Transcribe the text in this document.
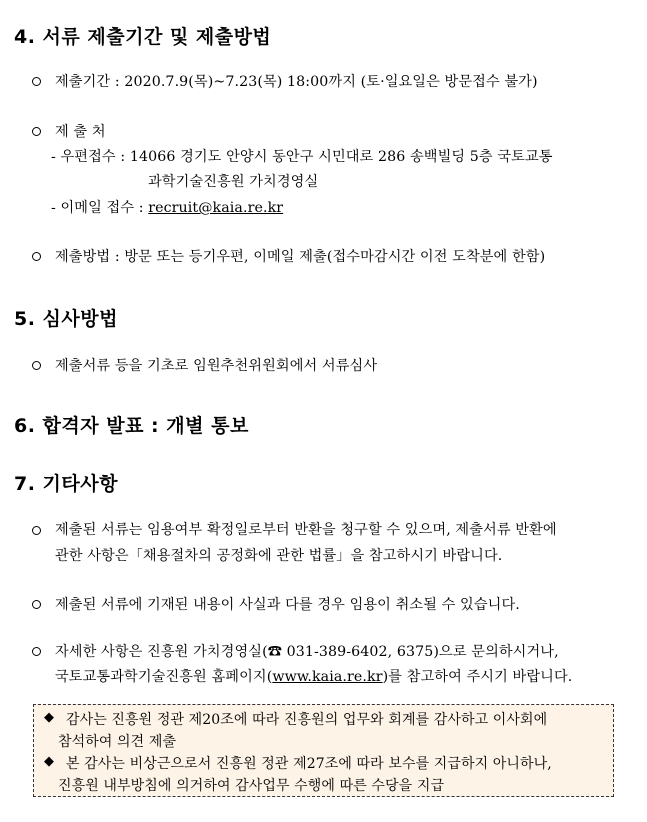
4. 서류 제출기간 및 제출방법
제출기간 : 2020.7.9(목)~7.23(목) 18:00까지 (토·일요일은 방문접수 불가)
제 출 처
- 우편접수 : 14066 경기도 안양시 동안구 시민대로 286 송백빌딩 5층 국토교통
과학기술진흥원 가치경영실
- 이메일 접수 : recruit@kaia.re.kr
제출방법 : 방문 또는 등기우편, 이메일 제출(접수마감시간 이전 도착분에 한함)
5. 심사방법
제출서류 등을 기초로 임원추천위원회에서 서류심사
6. 합격자 발표 : 개별 통보
7. 기타사항
제출된 서류는 임용여부 확정일로부터 반환을 청구할 수 있으며, 제출서류 반환에
관한 사항은「채용절차의 공정화에 관한 법률」을 참고하시기 바랍니다.
제출된 서류에 기재된 내용이 사실과 다를 경우 임용이 취소될 수 있습니다.
자세한 사항은 진흥원 가치경영실(☎ 031-389-6402, 6375)으로 문의하시거나,
국토교통과학기술진흥원 홈페이지(www.kaia.re.kr)를 참고하여 주시기 바랍니다.
◆ 감사는 진흥원 정관 제20조에 따라 진흥원의 업무와 회계를 감사하고 이사회에
참석하여 의견 제출
◆ 본 감사는 비상근으로서 진흥원 정관 제27조에 따라 보수를 지급하지 아니하나,
진흥원 내부방침에 의거하여 감사업무 수행에 따른 수당을 지급
